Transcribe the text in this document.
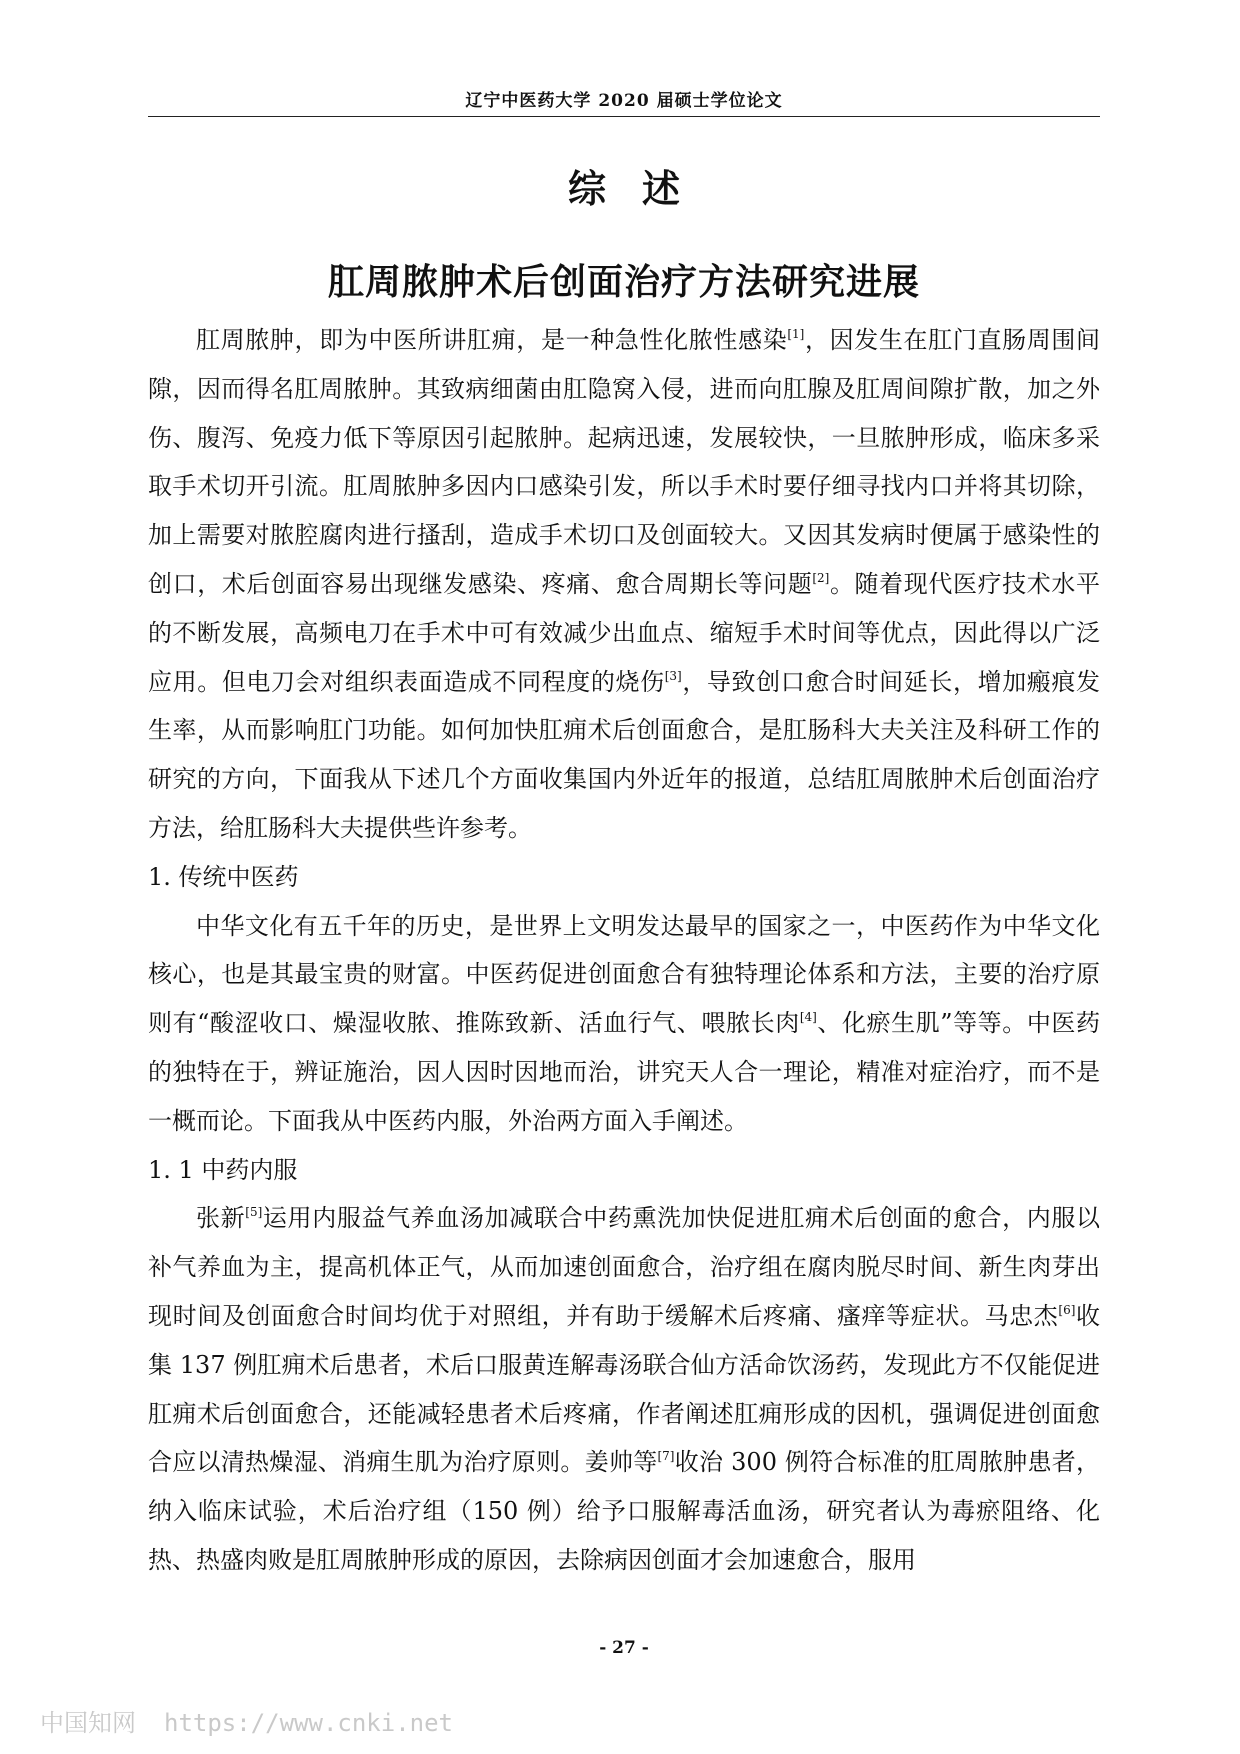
辽宁中医药大学 2020 届硕士学位论文
综述
肛周脓肿术后创面治疗方法研究进展

肛周脓肿，即为中医所讲肛痈，是一种急性化脓性感染[1]，因发生在肛门直肠周围间隙，因而得名肛周脓肿。其致病细菌由肛隐窝入侵，进而向肛腺及肛周间隙扩散，加之外伤、腹泻、免疫力低下等原因引起脓肿。起病迅速，发展较快，一旦脓肿形成，临床多采取手术切开引流。肛周脓肿多因内口感染引发，所以手术时要仔细寻找内口并将其切除，加上需要对脓腔腐肉进行搔刮，造成手术切口及创面较大。又因其发病时便属于感染性的创口，术后创面容易出现继发感染、疼痛、愈合周期长等问题[2]。随着现代医疗技术水平的不断发展，高频电刀在手术中可有效减少出血点、缩短手术时间等优点，因此得以广泛应用。但电刀会对组织表面造成不同程度的烧伤[3]，导致创口愈合时间延长，增加瘢痕发生率，从而影响肛门功能。如何加快肛痈术后创面愈合，是肛肠科大夫关注及科研工作的研究的方向，下面我从下述几个方面收集国内外近年的报道，总结肛周脓肿术后创面治疗方法，给肛肠科大夫提供些许参考。

1. 传统中医药

中华文化有五千年的历史，是世界上文明发达最早的国家之一，中医药作为中华文化核心，也是其最宝贵的财富。中医药促进创面愈合有独特理论体系和方法，主要的治疗原则有“酸涩收口、燥湿收脓、推陈致新、活血行气、喂脓长肉[4]、化瘀生肌”等等。中医药的独特在于，辨证施治，因人因时因地而治，讲究天人合一理论，精准对症治疗，而不是一概而论。下面我从中医药内服，外治两方面入手阐述。

1. 1 中药内服

张新[5]运用内服益气养血汤加减联合中药熏洗加快促进肛痈术后创面的愈合，内服以补气养血为主，提高机体正气，从而加速创面愈合，治疗组在腐肉脱尽时间、新生肉芽出现时间及创面愈合时间均优于对照组，并有助于缓解术后疼痛、瘙痒等症状。马忠杰[6]收集 137 例肛痈术后患者，术后口服黄连解毒汤联合仙方活命饮汤药，发现此方不仅能促进肛痈术后创面愈合，还能减轻患者术后疼痛，作者阐述肛痈形成的因机，强调促进创面愈合应以清热燥湿、消痈生肌为治疗原则。姜帅等[7]收治 300 例符合标准的肛周脓肿患者，纳入临床试验，术后治疗组（150 例）给予口服解毒活血汤，研究者认为毒瘀阻络、化热、热盛肉败是肛周脓肿形成的原因，去除病因创面才会加速愈合，服用

- 27 -
中国知网 https://www.cnki.net
